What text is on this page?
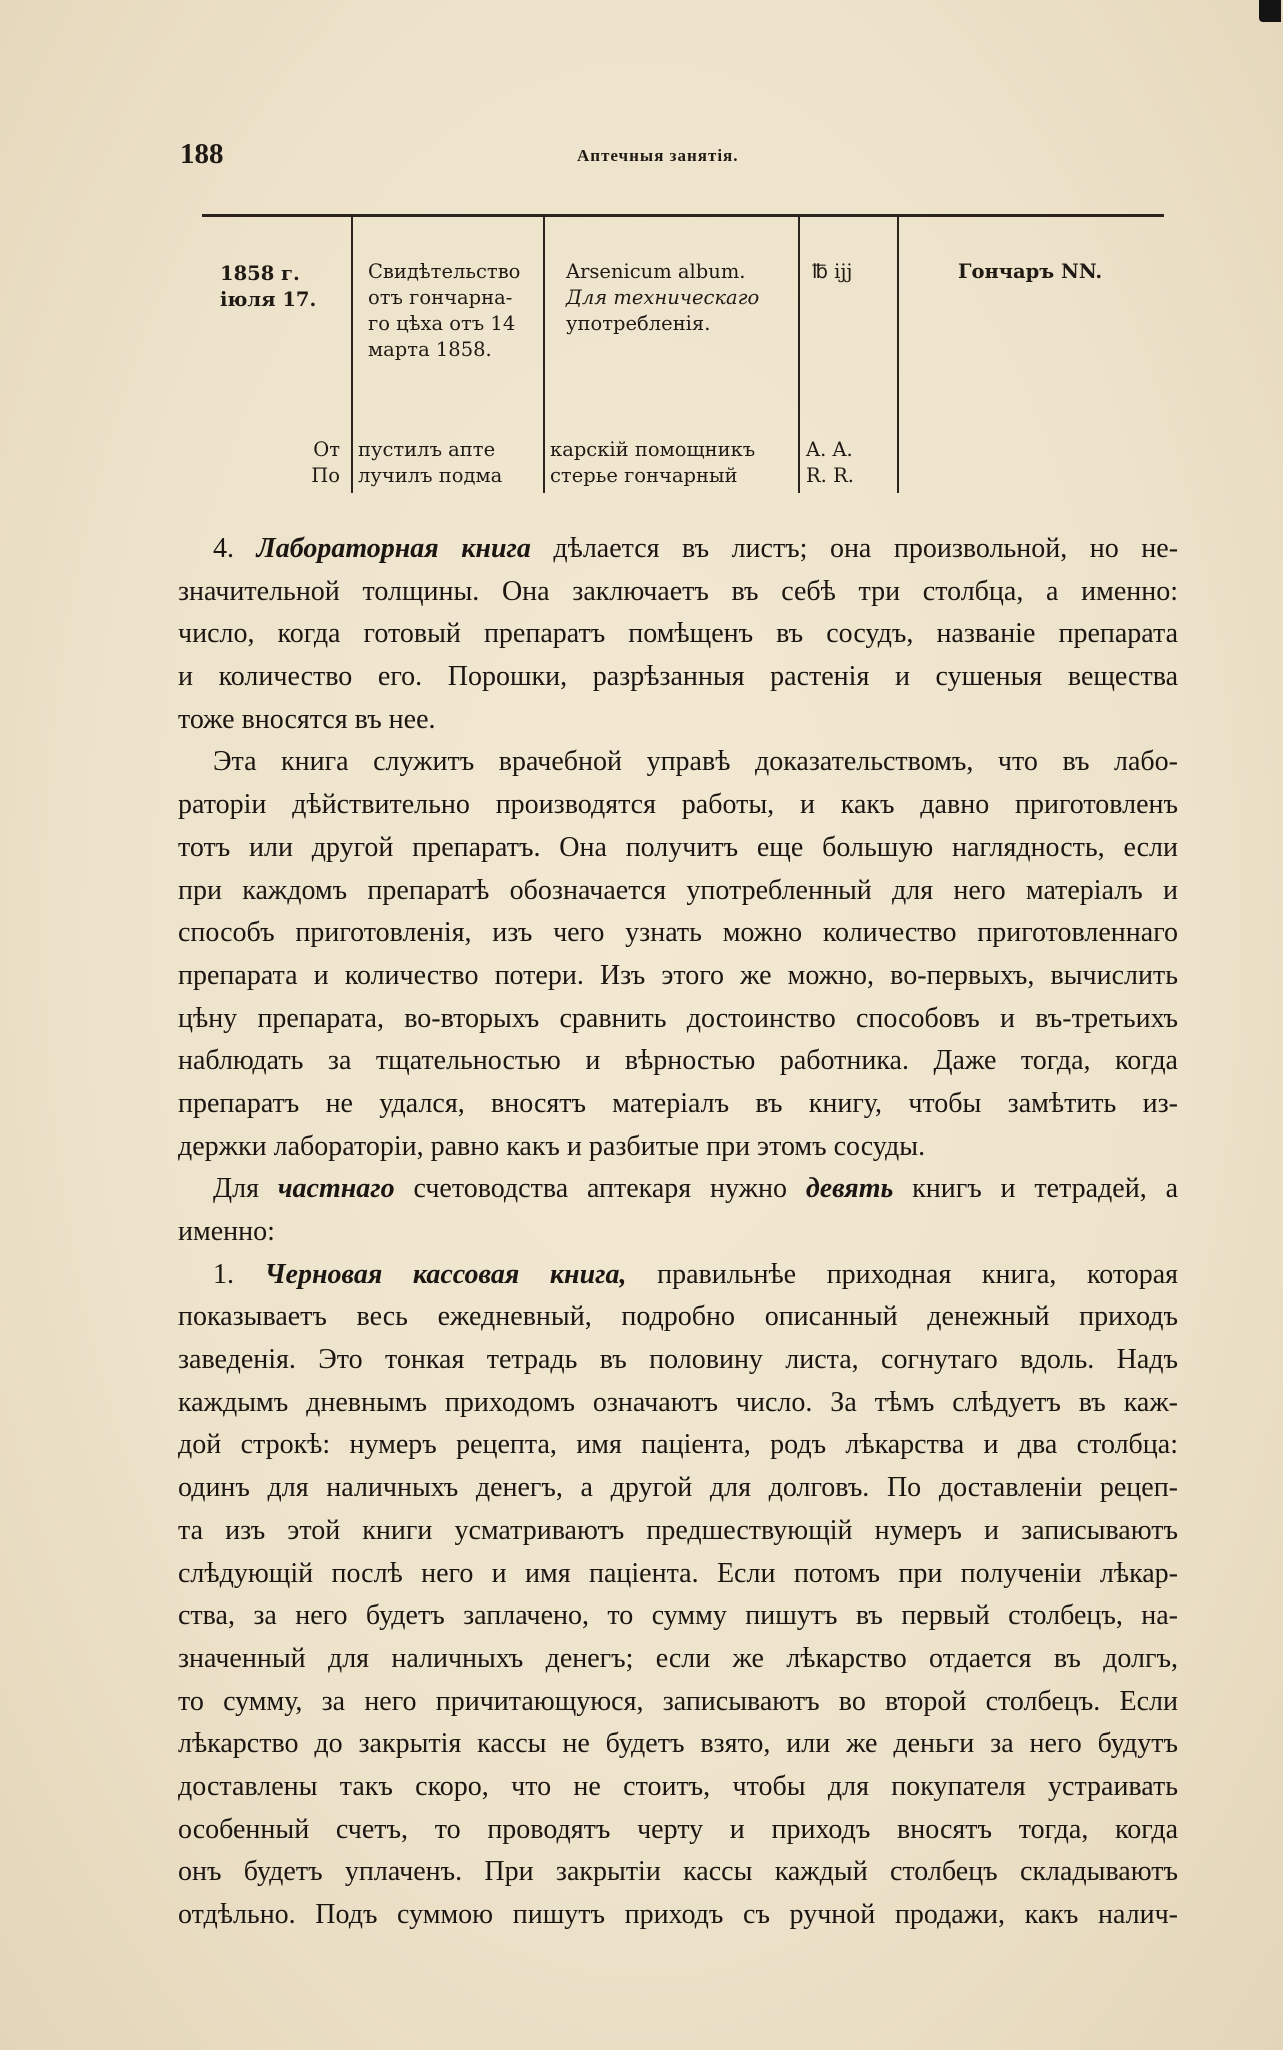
188	Аптечныя занятія.
1858 г.
іюля 17.
Свидѣтельство
отъ гончарна-
го цѣха отъ 14
марта 1858.
Arsenicum album.
Для техническаго
употребленія.
℔ ijj	Гончаръ NN.
От
По
пустилъ апте
лучилъ подма
карскій помощникъ
стерье гончарный
A. A.
R. R.
4. Лабораторная книга дѣлается въ листъ; она произвольной, но не-
значительной толщины. Она заключаетъ въ себѣ три столбца, а именно:
число, когда готовый препаратъ помѣщенъ въ сосудъ, названіе препарата
и количество его. Порошки, разрѣзанныя растенія и сушеныя вещества
тоже вносятся въ нее.
Эта книга служитъ врачебной управѣ доказательствомъ, что въ лабо-
раторіи дѣйствительно производятся работы, и какъ давно приготовленъ
тотъ или другой препаратъ. Она получитъ еще большую наглядность, если
при каждомъ препаратѣ обозначается употребленный для него матеріалъ и
способъ приготовленія, изъ чего узнать можно количество приготовленнаго
препарата и количество потери. Изъ этого же можно, во-первыхъ, вычислить
цѣну препарата, во-вторыхъ сравнить достоинство способовъ и въ-третьихъ
наблюдать за тщательностью и вѣрностью работника. Даже тогда, когда
препаратъ не удался, вносятъ матеріалъ въ книгу, чтобы замѣтить из-
держки лабораторіи, равно какъ и разбитые при этомъ сосуды.
Для частнаго счетоводства аптекаря нужно девять книгъ и тетрадей, а
именно:
1. Черновая кассовая книга, правильнѣе приходная книга, которая
показываетъ весь ежедневный, подробно описанный денежный приходъ
заведенія. Это тонкая тетрадь въ половину листа, согнутаго вдоль. Надъ
каждымъ дневнымъ приходомъ означаютъ число. За тѣмъ слѣдуетъ въ каж-
дой строкѣ: нумеръ рецепта, имя паціента, родъ лѣкарства и два столбца:
одинъ для наличныхъ денегъ, а другой для долговъ. По доставленіи рецеп-
та изъ этой книги усматриваютъ предшествующій нумеръ и записываютъ
слѣдующій послѣ него и имя паціента. Если потомъ при полученіи лѣкар-
ства, за него будетъ заплачено, то сумму пишутъ въ первый столбецъ, на-
значенный для наличныхъ денегъ; если же лѣкарство отдается въ долгъ,
то сумму, за него причитающуюся, записываютъ во второй столбецъ. Если
лѣкарство до закрытія кассы не будетъ взято, или же деньги за него будутъ
доставлены такъ скоро, что не стоитъ, чтобы для покупателя устраивать
особенный счетъ, то проводятъ черту и приходъ вносятъ тогда, когда
онъ будетъ уплаченъ. При закрытіи кассы каждый столбецъ складываютъ
отдѣльно. Подъ суммою пишутъ приходъ съ ручной продажи, какъ налич-
